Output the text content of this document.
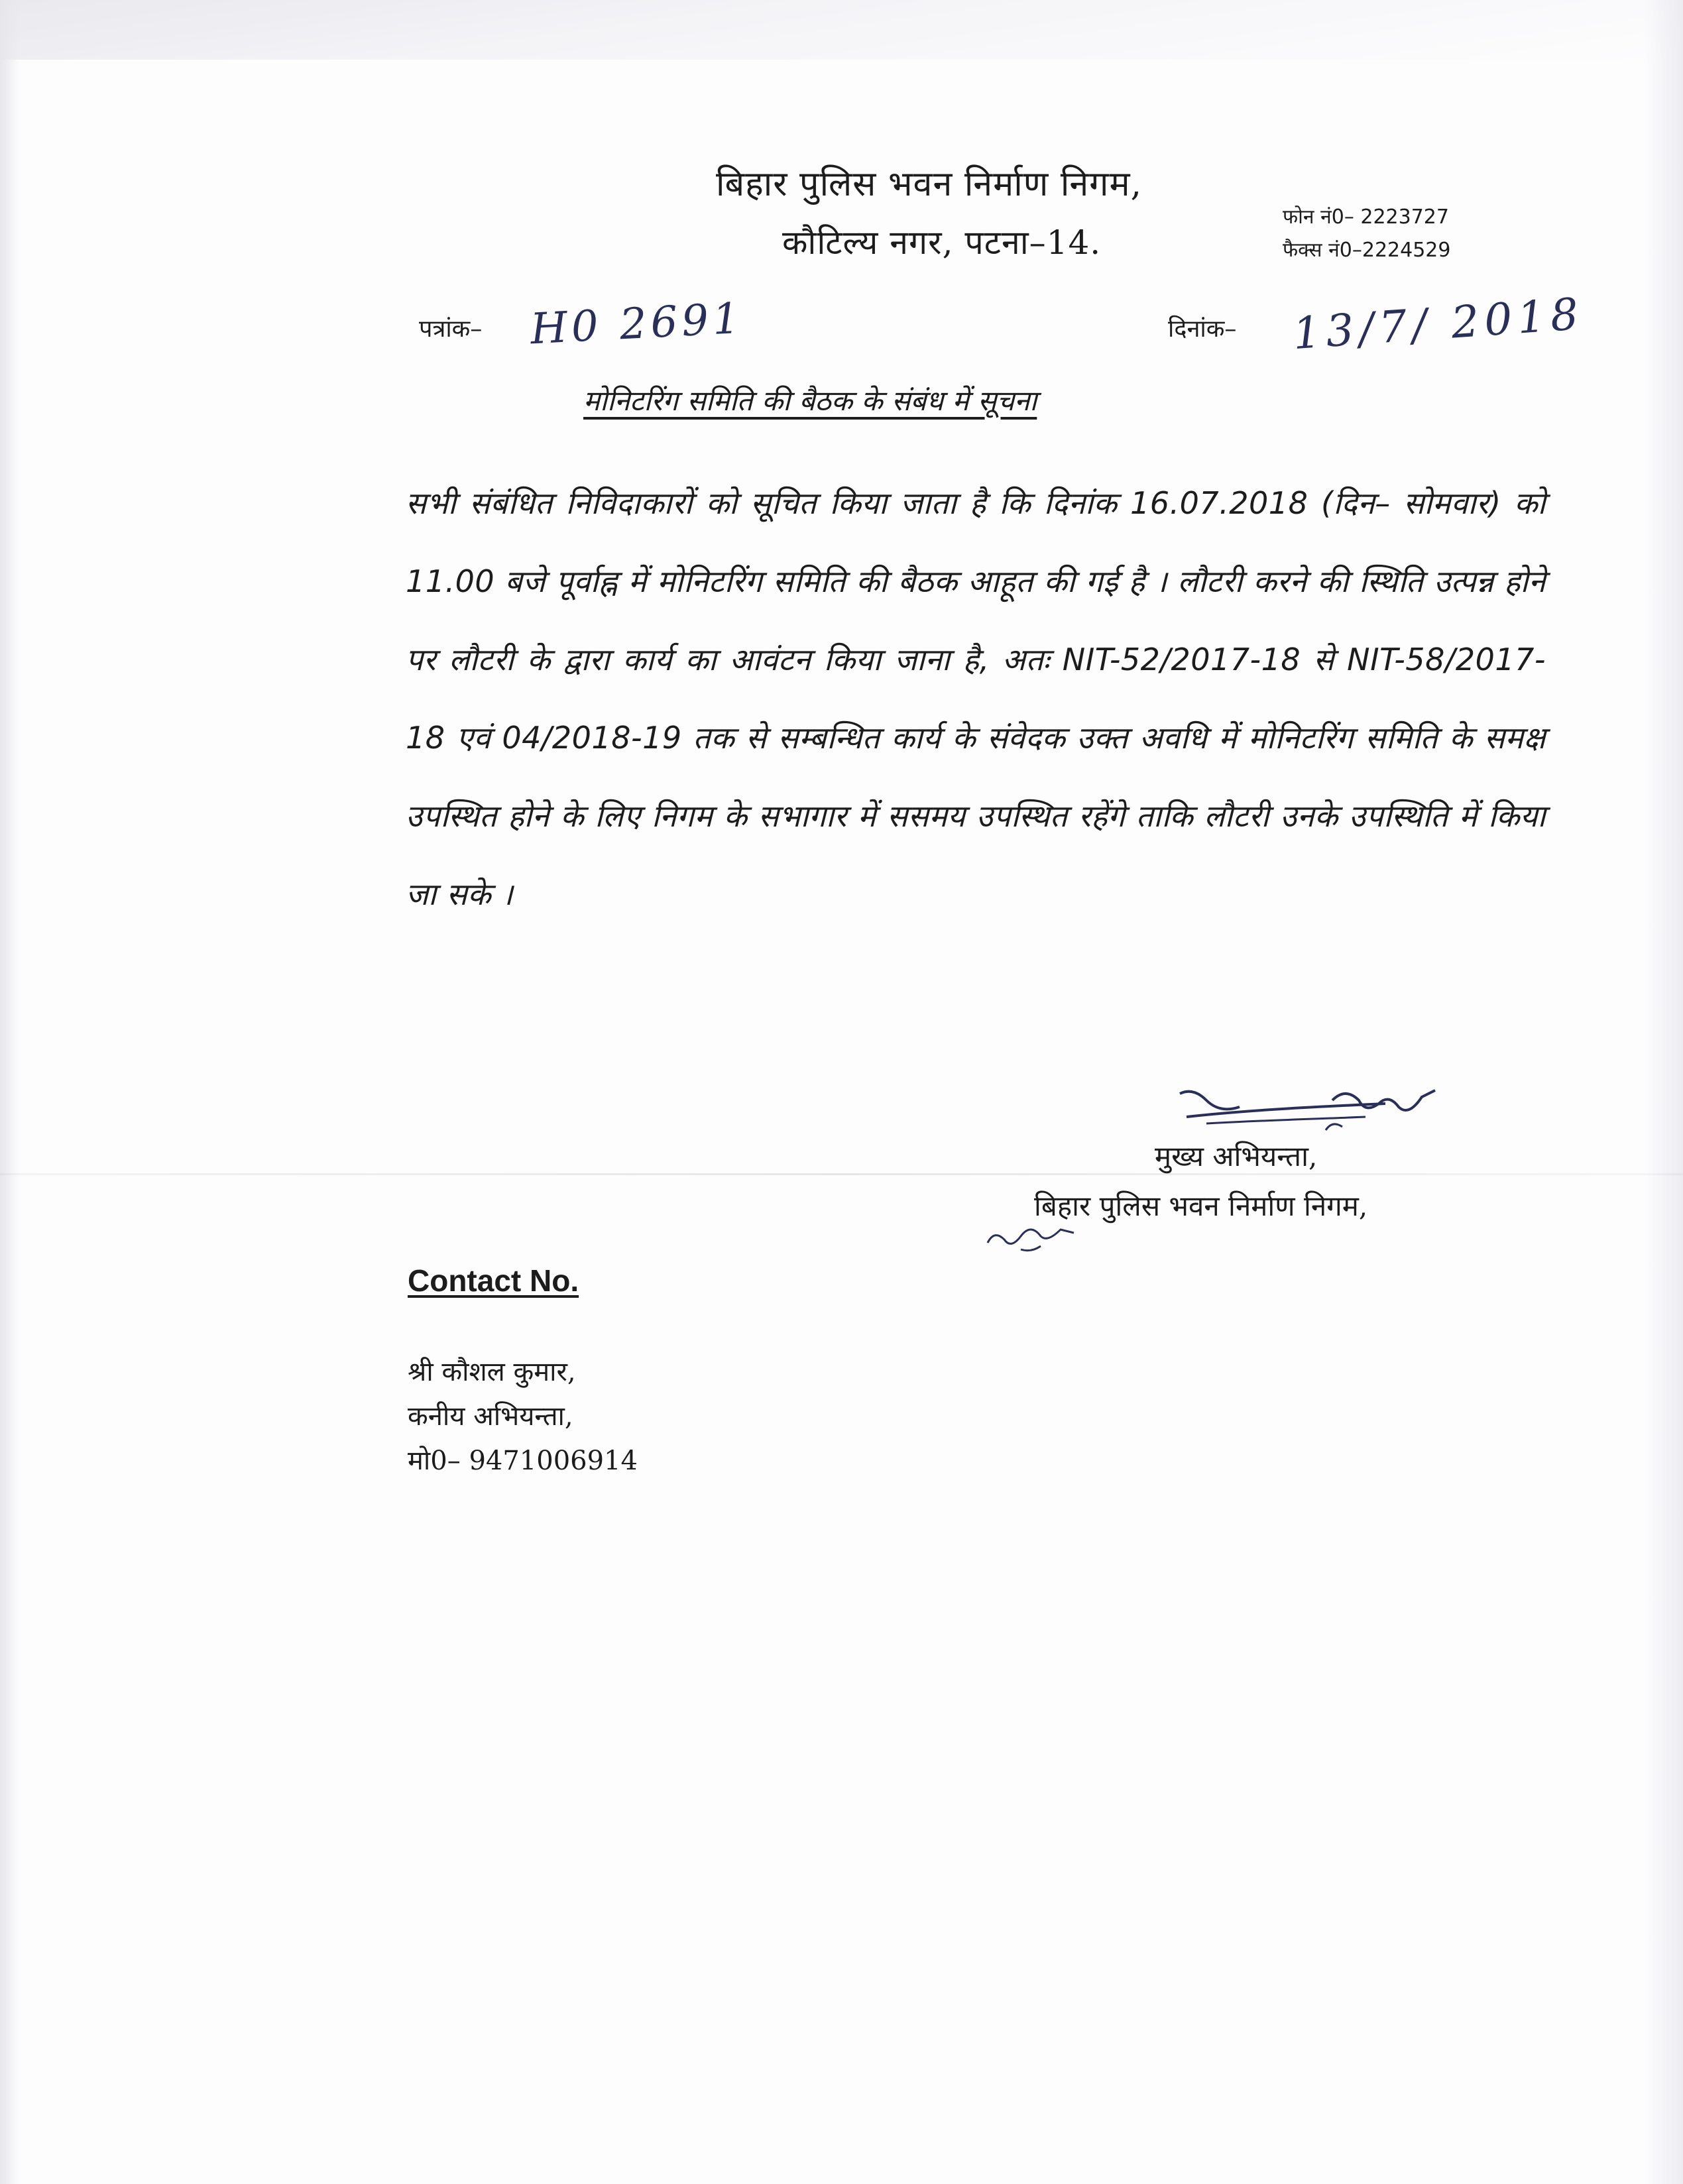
बिहार पुलिस भवन निर्माण निगम,
कौटिल्य नगर, पटना–14.
फोन नं0– 2223727
फैक्स नं0–2224529
पत्रांक– H0 2691	दिनांक– 13/7/ 2018
मोनिटरिंग समिति की बैठक के संबंध में सूचना
सभी संबंधित निविदाकारों को सूचित किया जाता है कि दिनांक 16.07.2018 (दिन– सोमवार) को 11.00 बजे पूर्वाह्न में मोनिटरिंग समिति की बैठक आहूत की गई है । लौटरी करने की स्थिति उत्पन्न होने पर लौटरी के द्वारा कार्य का आवंटन किया जाना है, अतः NIT-52/2017-18 से NIT-58/2017-18 एवं 04/2018-19 तक से सम्बन्धित कार्य के संवेदक उक्त अवधि में मोनिटरिंग समिति के समक्ष उपस्थित होने के लिए निगम के सभागार में ससमय उपस्थित रहेंगे ताकि लौटरी उनके उपस्थिति में किया जा सके ।
मुख्य अभियन्ता,
बिहार पुलिस भवन निर्माण निगम,
Contact No.
श्री कौशल कुमार,
कनीय अभियन्ता,
मो0– 9471006914
